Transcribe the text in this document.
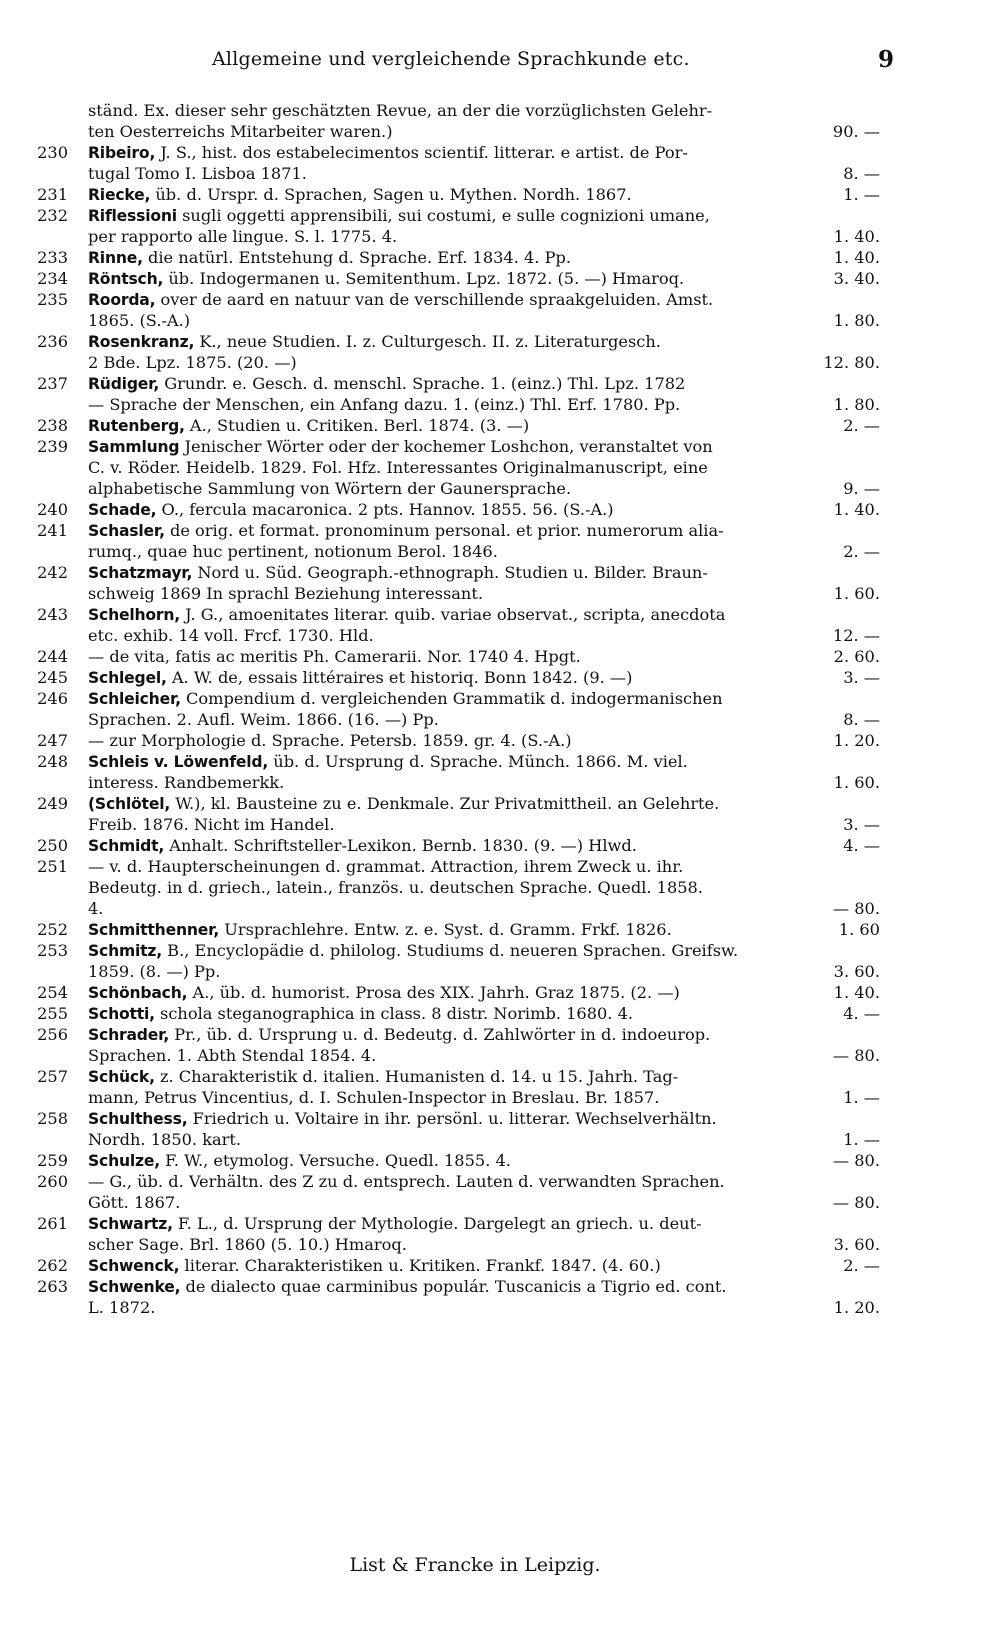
Allgemeine und vergleichende Sprachkunde etc.	9
ständ. Ex. dieser sehr geschätzten Revue, an der die vorzüglichsten Gelehr-
ten Oesterreichs Mitarbeiter waren.)	90. —
230 Ribeiro, J. S., hist. dos estabelecimentos scientif. litterar. e artist. de Por-
tugal Tomo I. Lisboa 1871.	8. —
231 Riecke, üb. d. Urspr. d. Sprachen, Sagen u. Mythen. Nordh. 1867.	1. —
232 Riflessioni sugli oggetti apprensibili, sui costumi, e sulle cognizioni umane,
per rapporto alle lingue. S. l. 1775. 4.	1. 40.
233 Rinne, die natürl. Entstehung d. Sprache. Erf. 1834. 4. Pp.	1. 40.
234 Röntsch, üb. Indogermanen u. Semitenthum. Lpz. 1872. (5. —) Hmaroq.	3. 40.
235 Roorda, over de aard en natuur van de verschillende spraakgeluiden. Amst.
1865. (S.-A.)	1. 80.
236 Rosenkranz, K., neue Studien. I. z. Culturgesch. II. z. Literaturgesch.
2 Bde. Lpz. 1875. (20. —)	12. 80.
237 Rüdiger, Grundr. e. Gesch. d. menschl. Sprache. 1. (einz.) Thl. Lpz. 1782
— Sprache der Menschen, ein Anfang dazu. 1. (einz.) Thl. Erf. 1780. Pp.	1. 80.
238 Rutenberg, A., Studien u. Critiken. Berl. 1874. (3. —)	2. —
239 Sammlung Jenischer Wörter oder der kochemer Loshchon, veranstaltet von
C. v. Röder. Heidelb. 1829. Fol. Hfz. Interessantes Originalmanuscript, eine
alphabetische Sammlung von Wörtern der Gaunersprache.	9. —
240 Schade, O., fercula macaronica. 2 pts. Hannov. 1855. 56. (S.-A.)	1. 40.
241 Schasler, de orig. et format. pronominum personal. et prior. numerorum alia-
rumq., quae huc pertinent, notionum Berol. 1846.	2. —
242 Schatzmayr, Nord u. Süd. Geograph.-ethnograph. Studien u. Bilder. Braun-
schweig 1869 In sprachl Beziehung interessant.	1. 60.
243 Schelhorn, J. G., amoenitates literar. quib. variae observat., scripta, anecdota
etc. exhib. 14 voll. Frcf. 1730. Hld.	12. —
244 — de vita, fatis ac meritis Ph. Camerarii. Nor. 1740 4. Hpgt.	2. 60.
245 Schlegel, A. W. de, essais littéraires et historiq. Bonn 1842. (9. —)	3. —
246 Schleicher, Compendium d. vergleichenden Grammatik d. indogermanischen
Sprachen. 2. Aufl. Weim. 1866. (16. —) Pp.	8. —
247 — zur Morphologie d. Sprache. Petersb. 1859. gr. 4. (S.-A.)	1. 20.
248 Schleis v. Löwenfeld, üb. d. Ursprung d. Sprache. Münch. 1866. M. viel.
interess. Randbemerkk.	1. 60.
249 (Schlötel, W.), kl. Bausteine zu e. Denkmale. Zur Privatmittheil. an Gelehrte.
Freib. 1876. Nicht im Handel.	3. —
250 Schmidt, Anhalt. Schriftsteller-Lexikon. Bernb. 1830. (9. —) Hlwd.	4. —
251 — v. d. Haupterscheinungen d. grammat. Attraction, ihrem Zweck u. ihr.
Bedeutg. in d. griech., latein., französ. u. deutschen Sprache. Quedl. 1858.
4.	— 80.
252 Schmitthenner, Ursprachlehre. Entw. z. e. Syst. d. Gramm. Frkf. 1826.	1. 60
253 Schmitz, B., Encyclopädie d. philolog. Studiums d. neueren Sprachen. Greifsw.
1859. (8. —) Pp.	3. 60.
254 Schönbach, A., üb. d. humorist. Prosa des XIX. Jahrh. Graz 1875. (2. —)	1. 40.
255 Schotti, schola steganographica in class. 8 distr. Norimb. 1680. 4.	4. —
256 Schrader, Pr., üb. d. Ursprung u. d. Bedeutg. d. Zahlwörter in d. indoeurop.
Sprachen. 1. Abth Stendal 1854. 4.	— 80.
257 Schück, z. Charakteristik d. italien. Humanisten d. 14. u 15. Jahrh. Tag-
mann, Petrus Vincentius, d. I. Schulen-Inspector in Breslau. Br. 1857.	1. —
258 Schulthess, Friedrich u. Voltaire in ihr. persönl. u. litterar. Wechselverhältn.
Nordh. 1850. kart.	1. —
259 Schulze, F. W., etymolog. Versuche. Quedl. 1855. 4.	— 80.
260 — G., üb. d. Verhältn. des Z zu d. entsprech. Lauten d. verwandten Sprachen.
Gött. 1867.	— 80.
261 Schwartz, F. L., d. Ursprung der Mythologie. Dargelegt an griech. u. deut-
scher Sage. Brl. 1860 (5. 10.) Hmaroq.	3. 60.
262 Schwenck, literar. Charakteristiken u. Kritiken. Frankf. 1847. (4. 60.)	2. —
263 Schwenke, de dialecto quae carminibus populár. Tuscanicis a Tigrio ed. cont.
L. 1872.	1. 20.
List & Francke in Leipzig.
